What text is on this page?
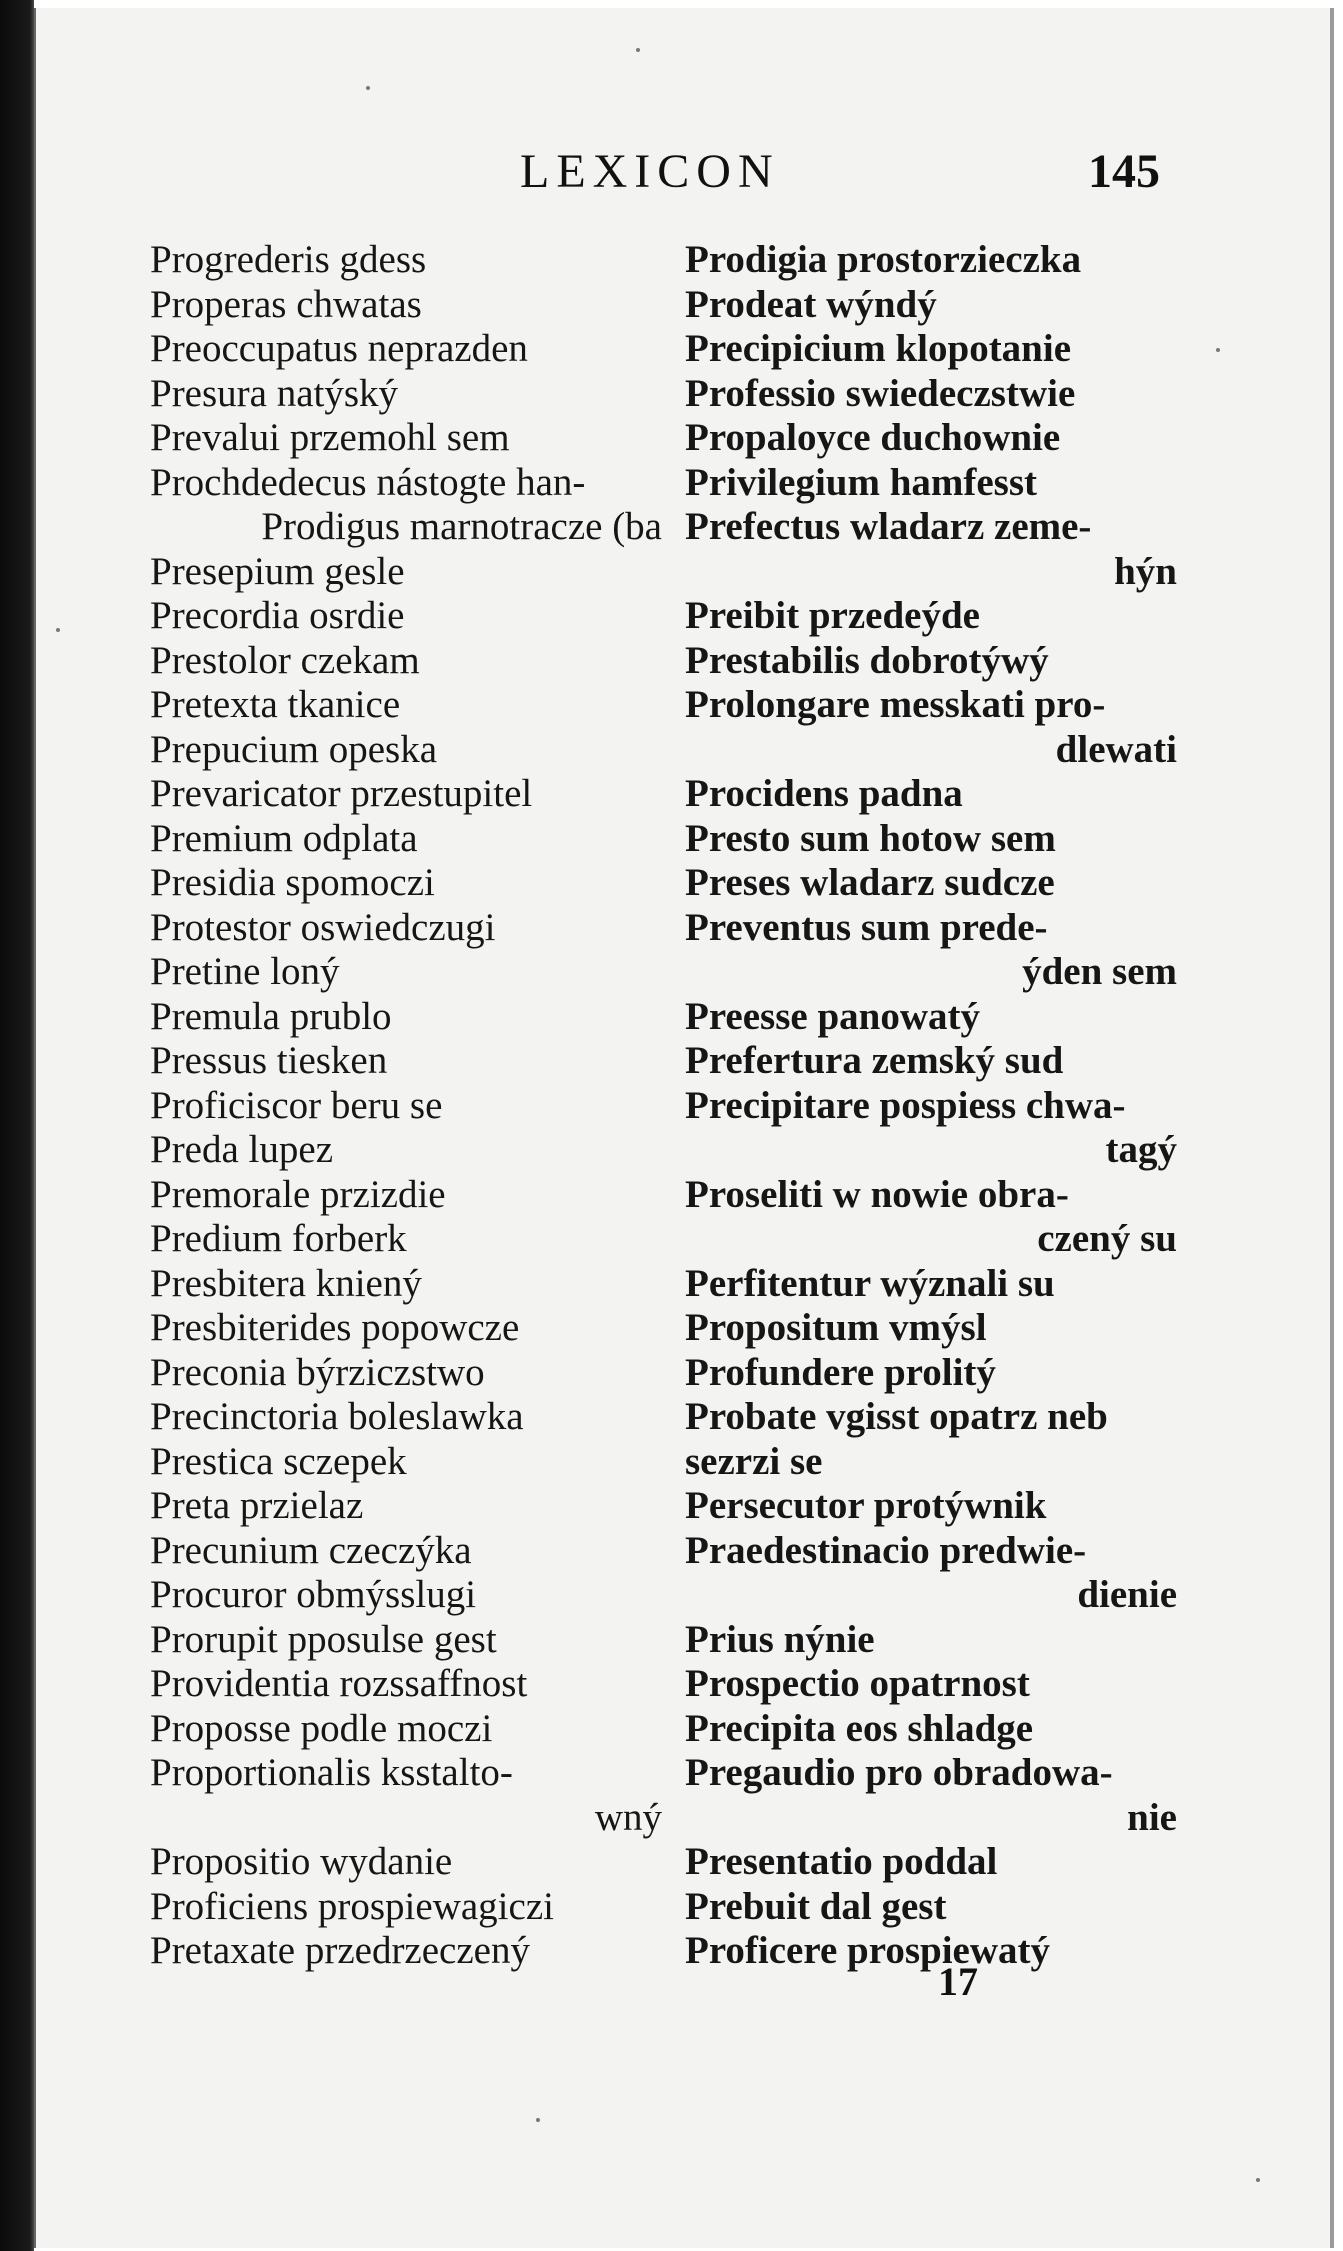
LEXICON	145
Progrederis gdess
Properas chwatas
Preoccupatus neprazden
Presura natýský
Prevalui przemohl sem
Prochdedecus nástogte han-
Prodigus marnotracze (ba
Presepium gesle
Precordia osrdie
Prestolor czekam
Pretexta tkanice
Prepucium opeska
Prevaricator przestupitel
Premium odplata
Presidia spomoczi
Protestor oswiedczugi
Pretine loný
Premula prublo
Pressus tiesken
Proficiscor beru se
Preda lupez
Premorale przizdie
Predium forberk
Presbitera kniený
Presbiterides popowcze
Preconia býrziczstwo
Precinctoria boleslawka
Prestica sczepek
Preta przielaz
Precunium czeczýka
Procuror obmýsslugi
Prorupit pposulse gest
Providentia rozssaffnost
Proposse podle moczi
Proportionalis ksstalto-
wný
Propositio wydanie
Proficiens prospiewagiczi
Pretaxate przedrzeczený
Prodigia prostorzieczka
Prodeat wýndý
Precipicium klopotanie
Professio swiedeczstwie
Propaloyce duchownie
Privilegium hamfesst
Prefectus wladarz zeme-
hýn
Preibit przedeýde
Prestabilis dobrotýwý
Prolongare messkati pro-
dlewati
Procidens padna
Presto sum hotow sem
Preses wladarz sudcze
Preventus sum prede-
ýden sem
Preesse panowatý
Prefertura zemský sud
Precipitare pospiess chwa-
tagý
Proseliti w nowie obra-
czený su
Perfitentur wýznali su
Propositum vmýsl
Profundere prolitý
Probate vgisst opatrz neb
sezrzi se
Persecutor protýwnik
Praedestinacio predwie-
dienie
Prius nýnie
Prospectio opatrnost
Precipita eos shladge
Pregaudio pro obradowa-
nie
Presentatio poddal
Prebuit dal gest
Proficere prospiewatý
17
